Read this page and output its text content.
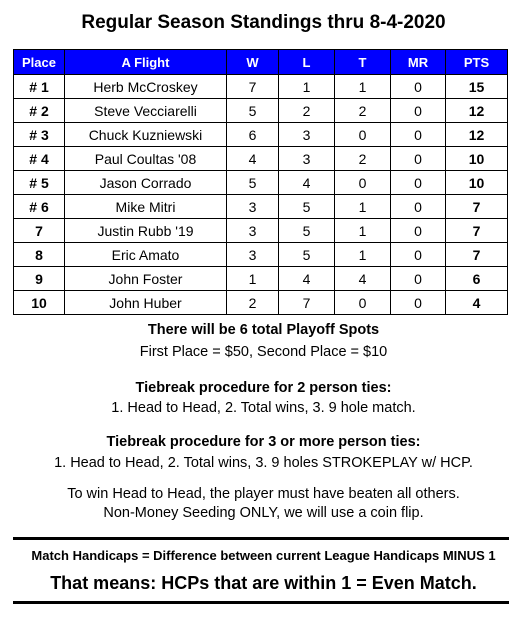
Regular Season Standings thru 8-4-2020
Place	A Flight	W	L	T	MR	PTS
# 1	Herb McCroskey	7	1	1	0	15
# 2	Steve Vecciarelli	5	2	2	0	12
# 3	Chuck Kuzniewski	6	3	0	0	12
# 4	Paul Coultas '08	4	3	2	0	10
# 5	Jason Corrado	5	4	0	0	10
# 6	Mike Mitri	3	5	1	0	7
7	Justin Rubb '19	3	5	1	0	7
8	Eric Amato	3	5	1	0	7
9	John Foster	1	4	4	0	6
10	John Huber	2	7	0	0	4
There will be 6 total Playoff Spots
First Place = $50, Second Place = $10
Tiebreak procedure for 2 person ties:
1. Head to Head, 2. Total wins, 3. 9 hole match.
Tiebreak procedure for 3 or more person ties:
1. Head to Head, 2. Total wins, 3. 9 holes STROKEPLAY w/ HCP.
To win Head to Head, the player must have beaten all others.
Non-Money Seeding ONLY, we will use a coin flip.
Match Handicaps = Difference between current League Handicaps MINUS 1
That means: HCPs that are within 1 = Even Match.
